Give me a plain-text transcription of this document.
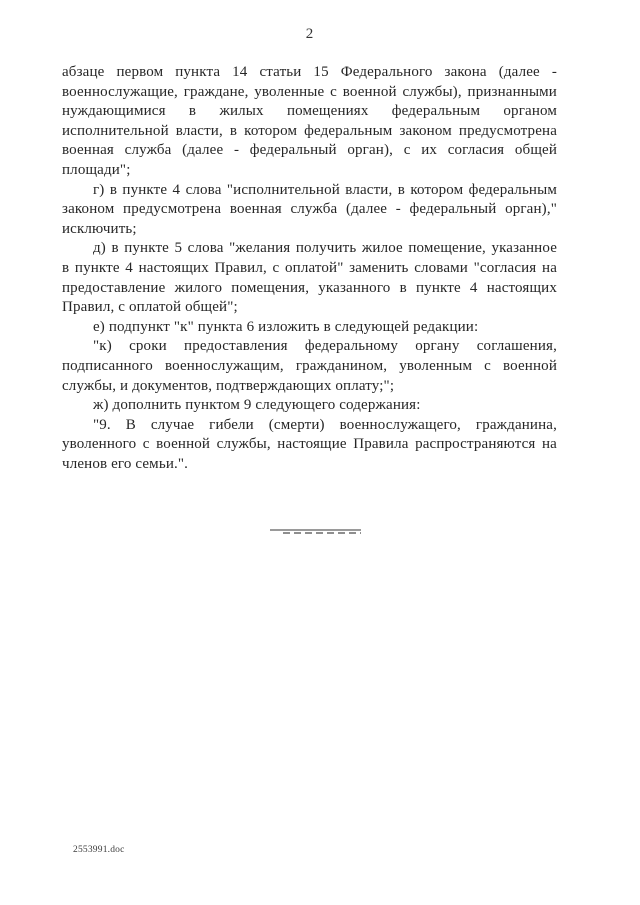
2
абзаце первом пункта 14 статьи 15 Федерального закона (далее -
военнослужащие, граждане, уволенные с военной службы), признанными
нуждающимися в жилых помещениях федеральным органом
исполнительной власти, в котором федеральным законом предусмотрена
военная служба (далее - федеральный орган), с их согласия общей
площади";
г) в пункте 4 слова "исполнительной власти, в котором федеральным
законом предусмотрена военная служба (далее - федеральный орган),"
исключить;
д) в пункте 5 слова "желания получить жилое помещение, указанное
в пункте 4 настоящих Правил, с оплатой" заменить словами "согласия на
предоставление жилого помещения, указанного в пункте 4 настоящих
Правил, с оплатой общей";
е) подпункт "к" пункта 6 изложить в следующей редакции:
"к) сроки предоставления федеральному органу соглашения,
подписанного военнослужащим, гражданином, уволенным с военной
службы, и документов, подтверждающих оплату;";
ж) дополнить пунктом 9 следующего содержания:
"9. В случае гибели (смерти) военнослужащего, гражданина,
уволенного с военной службы, настоящие Правила распространяются на
членов его семьи.".
2553991.doc
